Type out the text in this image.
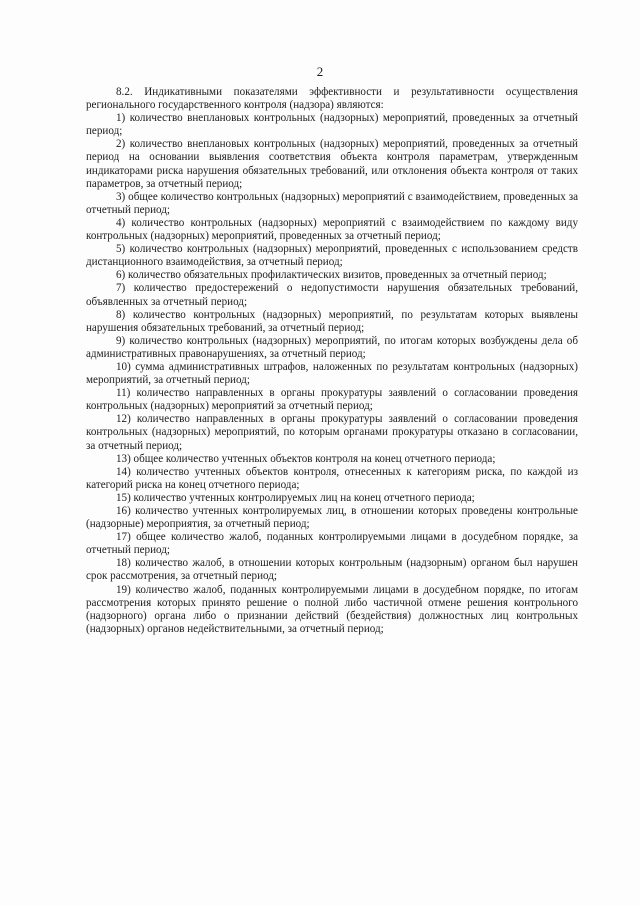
2

8.2. Индикативными показателями эффективности и результативности осуществления регионального государственного контроля (надзора) являются:

1) количество внеплановых контрольных (надзорных) мероприятий, проведенных за отчетный период;

2) количество внеплановых контрольных (надзорных) мероприятий, проведенных за отчетный период на основании выявления соответствия объекта контроля параметрам, утвержденным индикаторами риска нарушения обязательных требований, или отклонения объекта контроля от таких параметров, за отчетный период;

3) общее количество контрольных (надзорных) мероприятий с взаимодействием, проведенных за отчетный период;

4) количество контрольных (надзорных) мероприятий с взаимодействием по каждому виду контрольных (надзорных) мероприятий, проведенных за отчетный период;

5) количество контрольных (надзорных) мероприятий, проведенных с использованием средств дистанционного взаимодействия, за отчетный период;

6) количество обязательных профилактических визитов, проведенных за отчетный период;

7) количество предостережений о недопустимости нарушения обязательных требований, объявленных за отчетный период;

8) количество контрольных (надзорных) мероприятий, по результатам которых выявлены нарушения обязательных требований, за отчетный период;

9) количество контрольных (надзорных) мероприятий, по итогам которых возбуждены дела об административных правонарушениях, за отчетный период;

10) сумма административных штрафов, наложенных по результатам контрольных (надзорных) мероприятий, за отчетный период;

11) количество направленных в органы прокуратуры заявлений о согласовании проведения контрольных (надзорных) мероприятий за отчетный период;

12) количество направленных в органы прокуратуры заявлений о согласовании проведения контрольных (надзорных) мероприятий, по которым органами прокуратуры отказано в согласовании, за отчетный период;

13) общее количество учтенных объектов контроля на конец отчетного периода;

14) количество учтенных объектов контроля, отнесенных к категориям риска, по каждой из категорий риска на конец отчетного периода;

15) количество учтенных контролируемых лиц на конец отчетного периода;

16) количество учтенных контролируемых лиц, в отношении которых проведены контрольные (надзорные) мероприятия, за отчетный период;

17) общее количество жалоб, поданных контролируемыми лицами в досудебном порядке, за отчетный период;

18) количество жалоб, в отношении которых контрольным (надзорным) органом был нарушен срок рассмотрения, за отчетный период;

19) количество жалоб, поданных контролируемыми лицами в досудебном порядке, по итогам рассмотрения которых принято решение о полной либо частичной отмене решения контрольного (надзорного) органа либо о признании действий (бездействия) должностных лиц контрольных (надзорных) органов недействительными, за отчетный период;
